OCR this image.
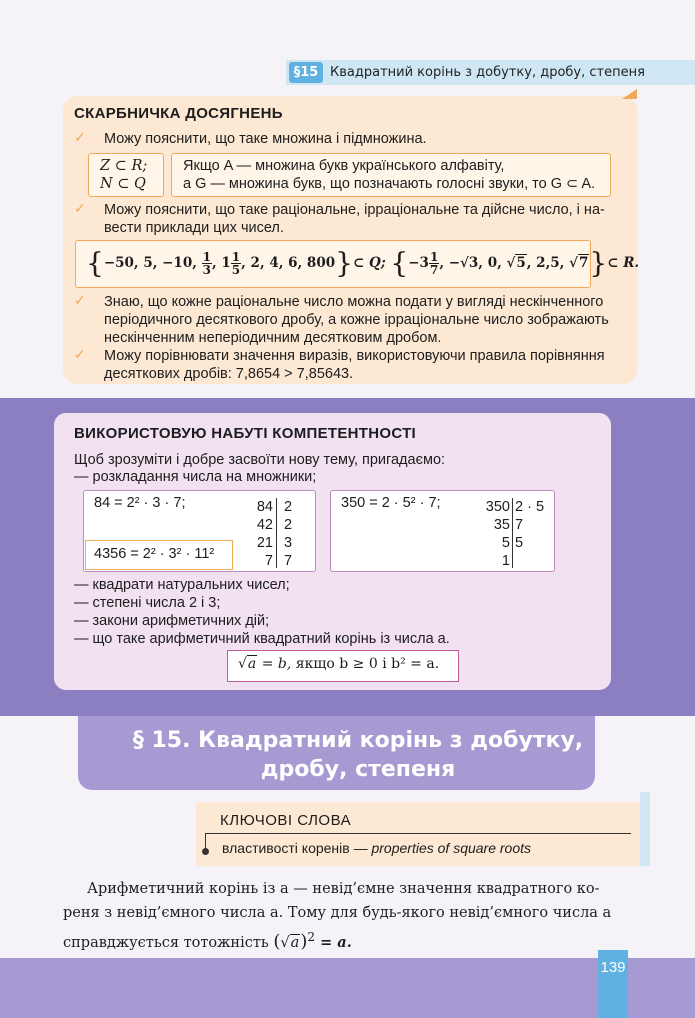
§15 Квадратний корінь з добутку, дробу, степеня
СКАРБНИЧКА ДОСЯГНЕНЬ
✓ Можу пояснити, що таке множина і підмножина.
Z ⊂ R;
N ⊂ Q
Якщо A — множина букв українського алфавіту,
а G — множина букв, що позначають голосні звуки, то G ⊂ A.
✓ Можу пояснити, що таке раціональне, ірраціональне та дійсне число, і на-
вести приклади цих чисел.
{−50, 5, −10, $\frac{1}{3}$ , $1 \frac{1}{5}$ , 2, 4, 6, 800}⊂ Q; {$-3 \frac{1}{7}$ , −√3, 0, √5, 2,5, √7}⊂ R.
✓ Знаю, що кожне раціональне число можна подати у вигляді нескінченного
періодичного десяткового дробу, а кожне ірраціональне число зображають
нескінченним неперіодичним десятковим дробом.
✓ Можу порівнювати значення виразів, використовуючи правила порівняння
десяткових дробів: 7,8654 > 7,85643.
ВИКОРИСТОВУЮ НАБУТІ КОМПЕТЕНТНОСТІ
Щоб зрозуміти і добре засвоїти нову тему, пригадаємо:
— розкладання числа на множники;
84 = 2² · 3 · 7;
4356 = 2² · 3² · 11²
84
42
21
7
2
2
3
7
350 = 2 · 5² · 7;	350
35
5
1
2 · 5
7
5
— квадрати натуральних чисел;
— степені числа 2 і 3;
— закони арифметичних дій;
— що таке арифметичний квадратний корінь із числа a.
√a = b, якщо b ≥ 0 і b² = a.
§ 15. Квадратний корінь з добутку,
дробу, степеня
КЛЮЧОВІ СЛОВА
властивості коренів — properties of square roots
Арифметичний корінь із a — невід’ємне значення квадратного ко-
реня з невід’ємного числа a. Тому для будь-якого невід’ємного числа a
справджується тотожність $(√a)^2 = a$.
139
